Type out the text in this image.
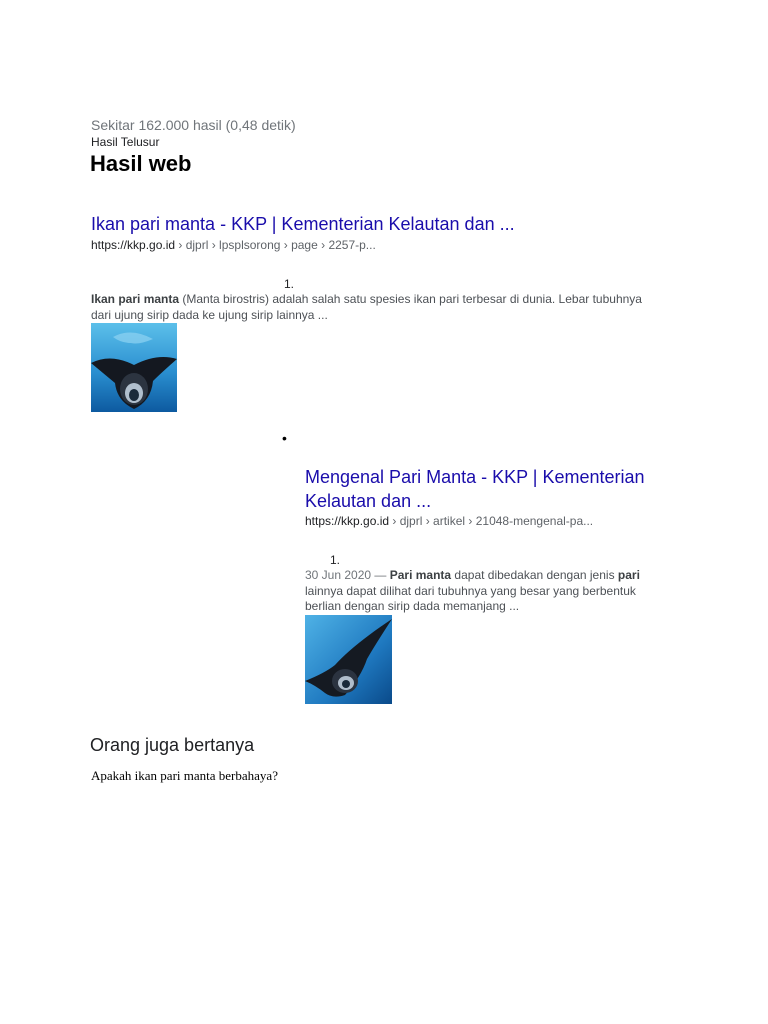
Sekitar 162.000 hasil (0,48 detik)
Hasil Telusur
Hasil web
Ikan pari manta - KKP | Kementerian Kelautan dan ...
https://kkp.go.id › djprl › lpsplsorong › page › 2257-p...
1.
Ikan pari manta (Manta birostris) adalah salah satu spesies ikan pari terbesar di dunia. Lebar tubuhnya dari ujung sirip dada ke ujung sirip lainnya ...
•
Mengenal Pari Manta - KKP | Kementerian Kelautan dan ...
https://kkp.go.id › djprl › artikel › 21048-mengenal-pa...
1.
30 Jun 2020 — Pari manta dapat dibedakan dengan jenis pari lainnya dapat dilihat dari tubuhnya yang besar yang berbentuk berlian dengan sirip dada memanjang ...
Orang juga bertanya
Apakah ikan pari manta berbahaya?
